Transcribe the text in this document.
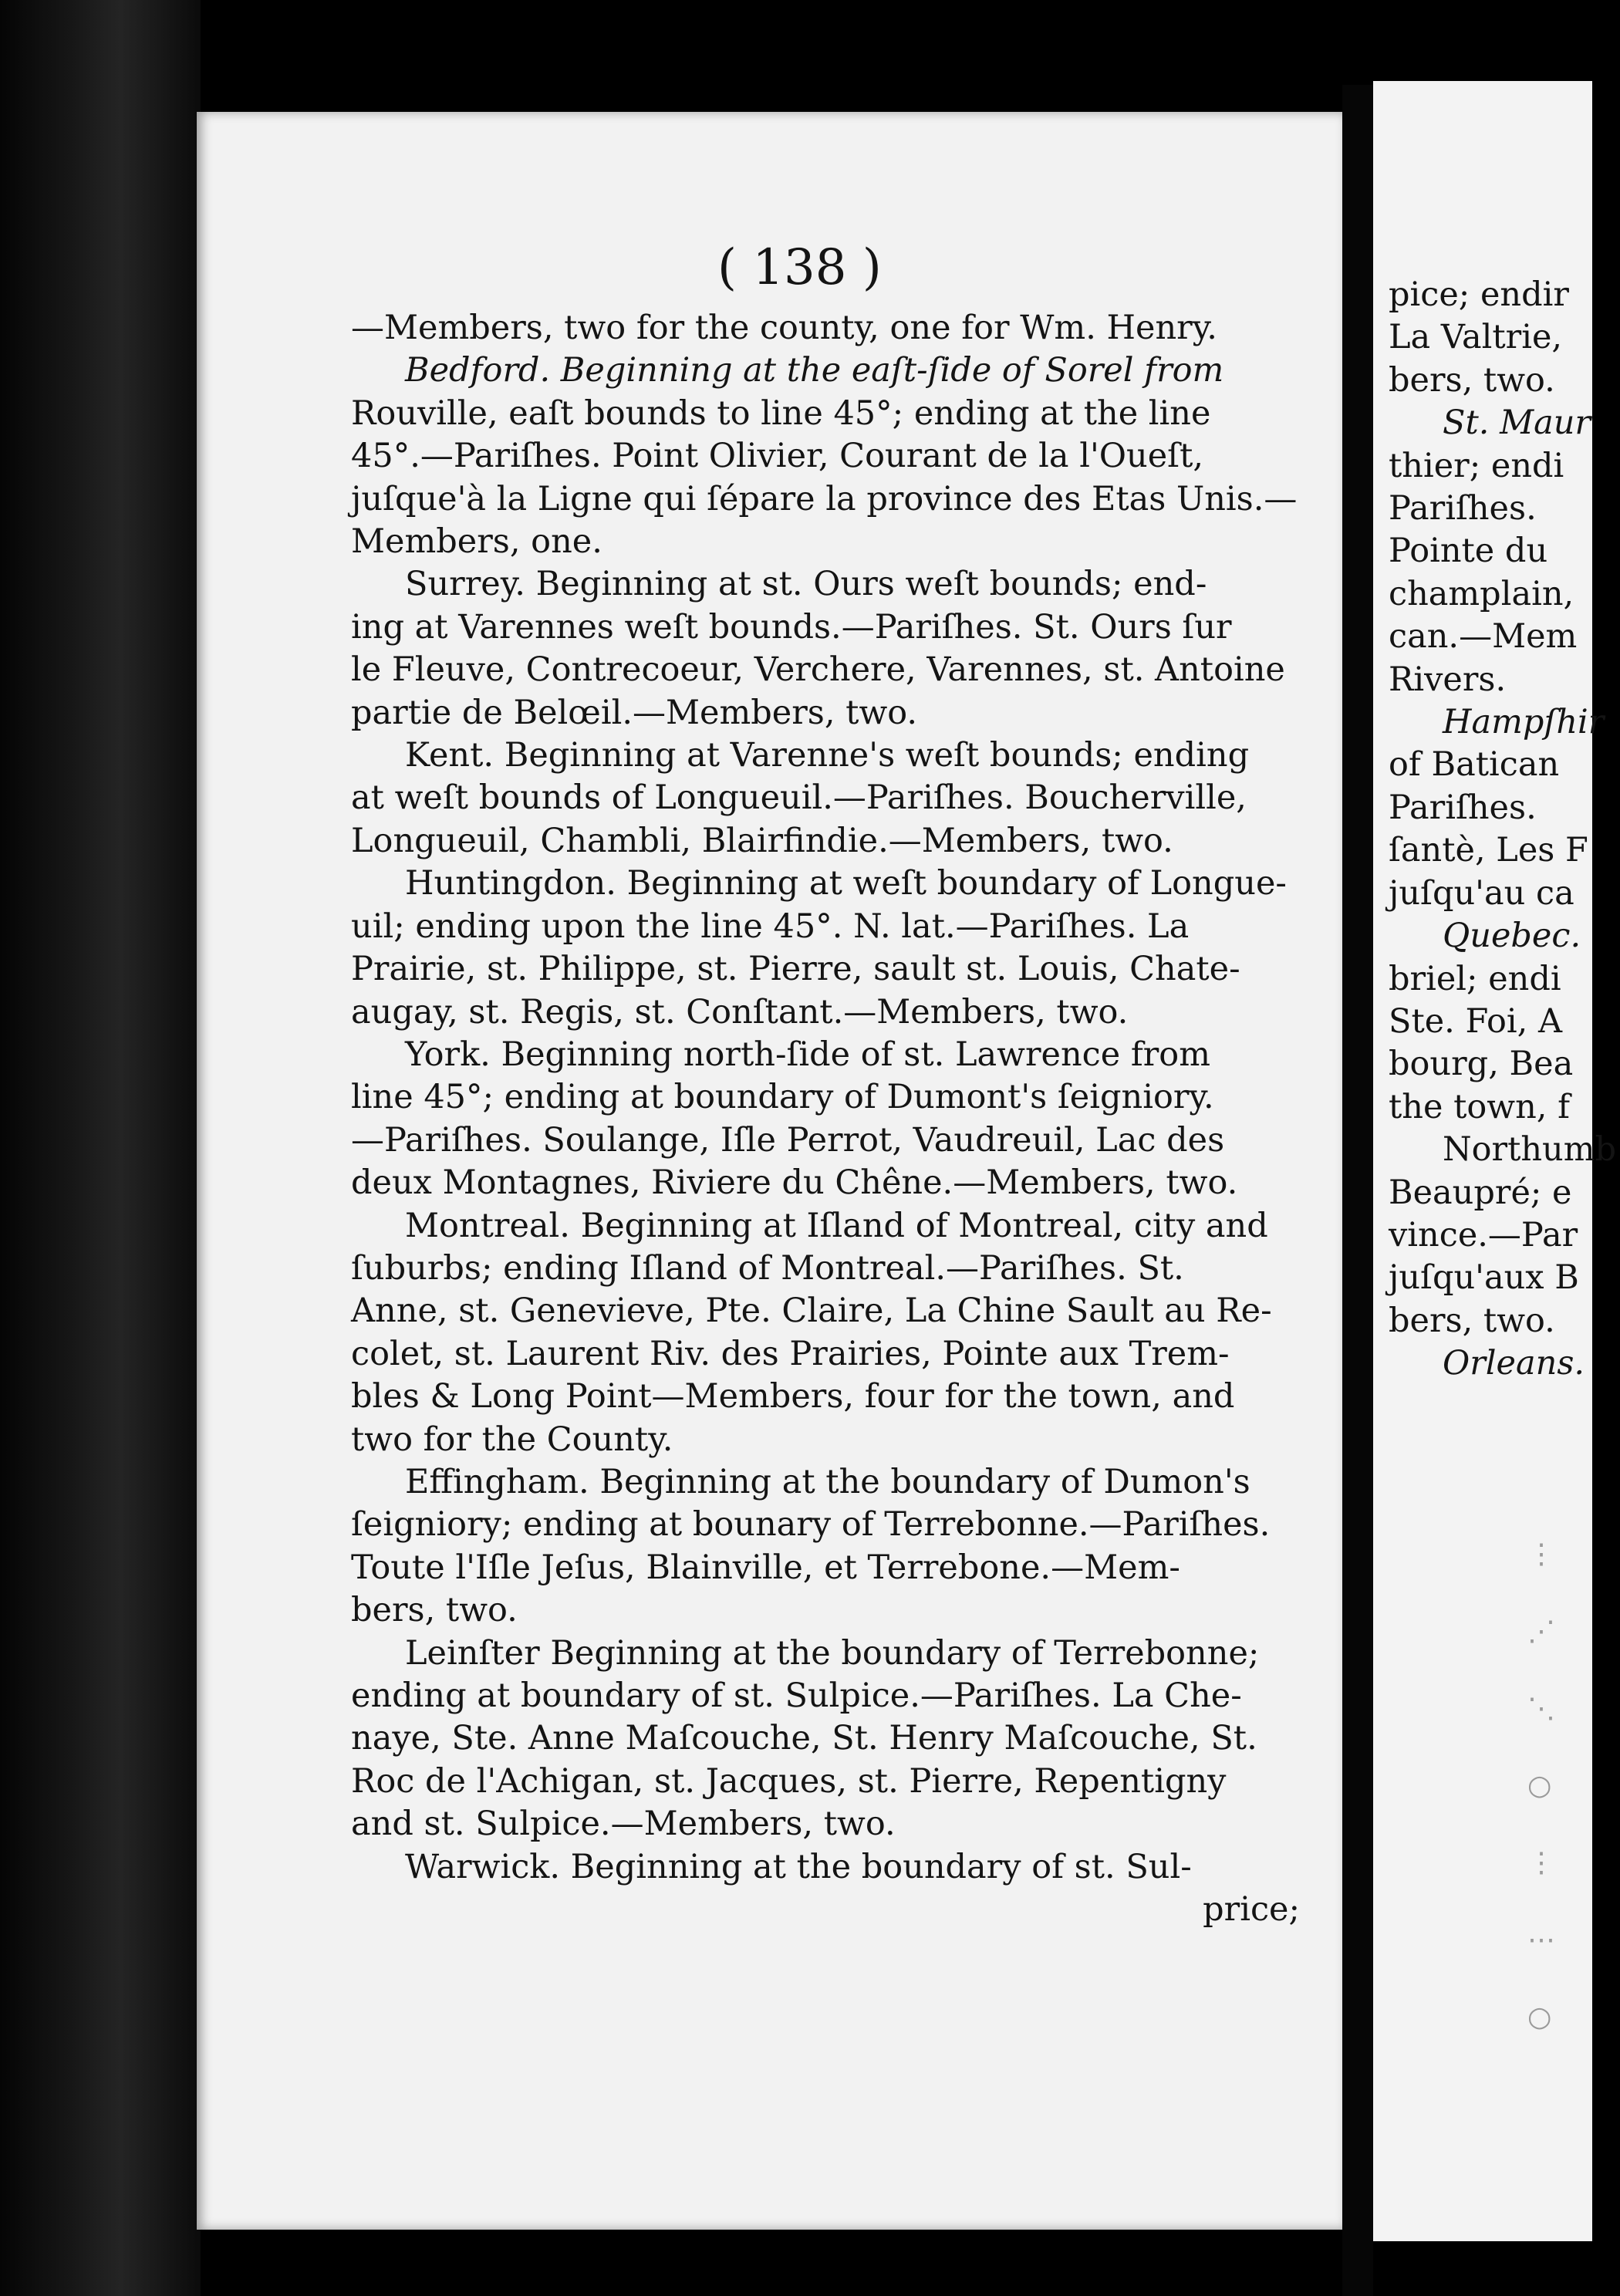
( 138 )
—Members, two for the county, one for Wm. Henry.
Bedford. Beginning at the eaſt-ſide of Sorel from
Rouville, eaſt bounds to line 45°; ending at the line
45°.—Pariſhes. Point Olivier, Courant de la l'Oueſt,
juſque'à la Ligne qui ſépare la province des Etas Unis.—
Members, one.
Surrey. Beginning at st. Ours weſt bounds; end-
ing at Varennes weſt bounds.—Pariſhes. St. Ours ſur
le Fleuve, Contrecoeur, Verchere, Varennes, st. Antoine
partie de Belœil.—Members, two.
Kent. Beginning at Varenne's weſt bounds; ending
at weſt bounds of Longueuil.—Pariſhes. Boucherville,
Longueuil, Chambli, Blairfindie.—Members, two.
Huntingdon. Beginning at weſt boundary of Longue-
uil; ending upon the line 45°. N. lat.—Pariſhes. La
Prairie, st. Philippe, st. Pierre, sault st. Louis, Chate-
augay, st. Regis, st. Conſtant.—Members, two.
York. Beginning north-ſide of st. Lawrence from
line 45°; ending at boundary of Dumont's ſeigniory.
—Pariſhes. Soulange, Iſle Perrot, Vaudreuil, Lac des
deux Montagnes, Riviere du Chêne.—Members, two.
Montreal. Beginning at Iſland of Montreal, city and
ſuburbs; ending Iſland of Montreal.—Pariſhes. St.
Anne, st. Genevieve, Pte. Claire, La Chine Sault au Re-
colet, st. Laurent Riv. des Prairies, Pointe aux Trem-
bles & Long Point—Members, four for the town, and
two for the County.
Effingham. Beginning at the boundary of Dumon's
ſeigniory; ending at bounary of Terrebonne.—Pariſhes.
Toute l'Iſle Jeſus, Blainville, et Terrebone.—Mem-
bers, two.
Leinſter Beginning at the boundary of Terrebonne;
ending at boundary of st. Sulpice.—Pariſhes. La Che-
naye, Ste. Anne Maſcouche, St. Henry Maſcouche, St.
Roc de l'Achigan, st. Jacques, st. Pierre, Repentigny
and st. Sulpice.—Members, two.
Warwick. Beginning at the boundary of st. Sul-
price;
pice; endir
La Valtrie,
bers, two.
St. Maur
thier; endi
Pariſhes.
Pointe du
champlain,
can.—Mem
Rivers.
Hampſhir
of Batican
Pariſhes.
ſantè, Les F
juſqu'au ca
Quebec.
briel; endi
Ste. Foi, A
bourg, Bea
the town, f
Northumb
Beaupré; e
vince.—Par
juſqu'aux B
bers, two.
Orleans.
⋮
⋰
⋱
○
⋮
⋯
○
